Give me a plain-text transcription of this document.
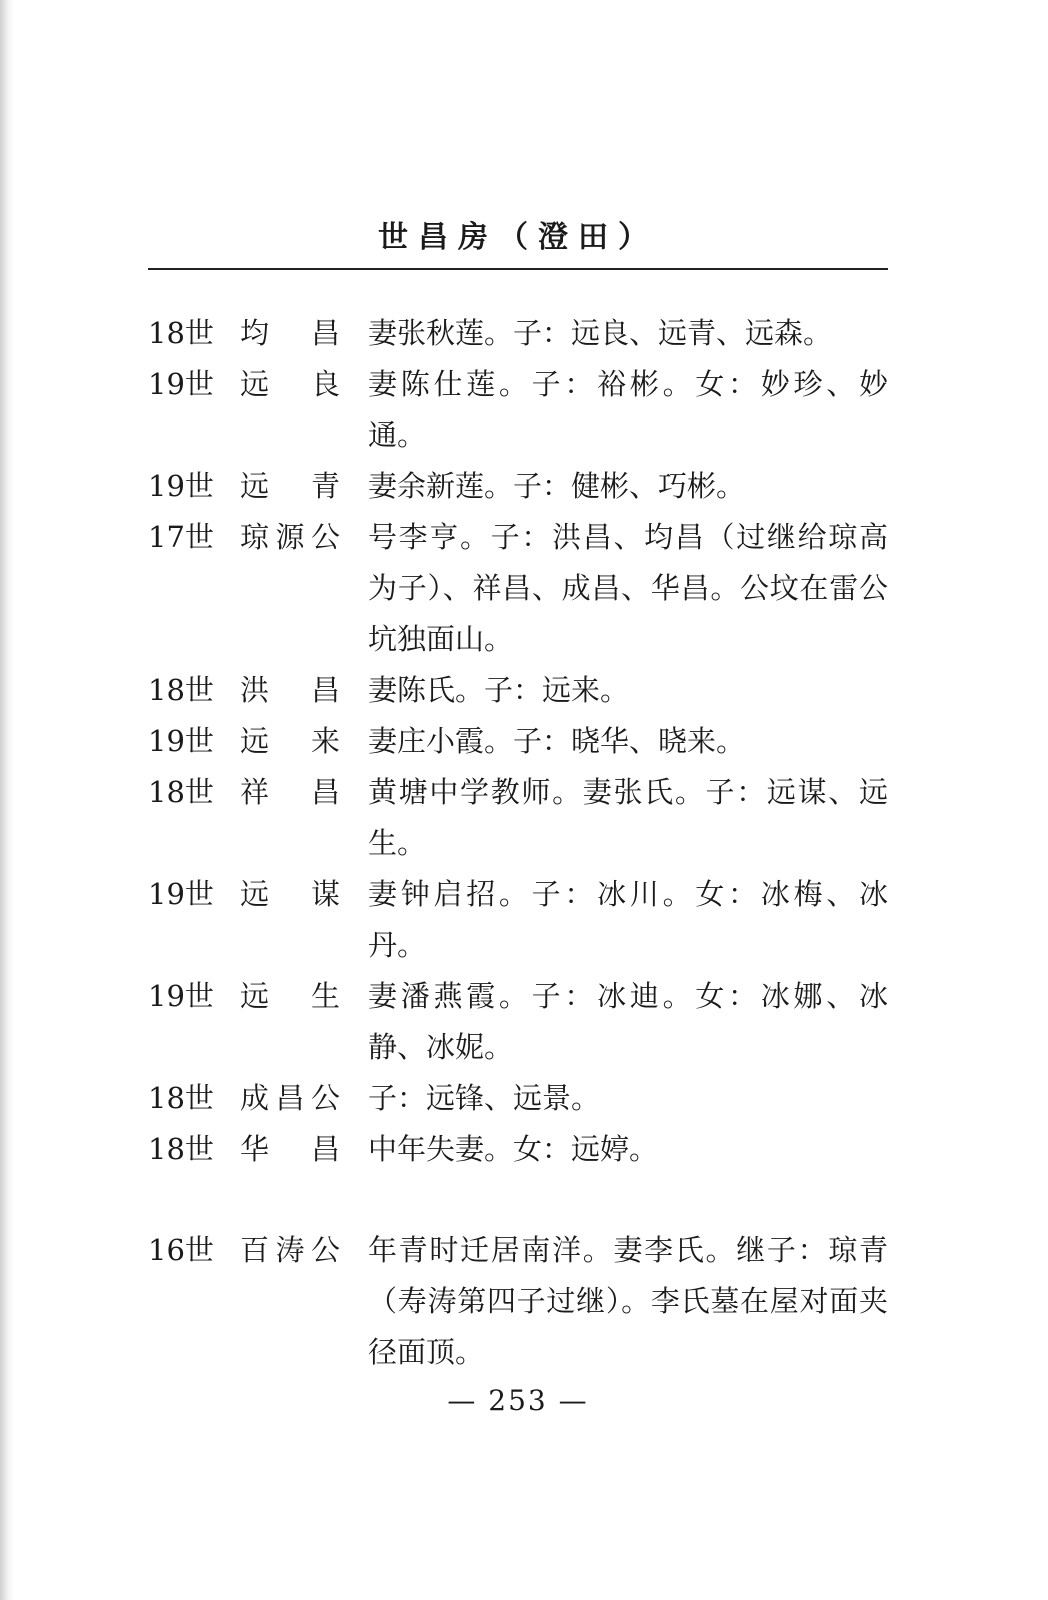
世昌房（澄田）
18世 均昌 妻张秋莲。子：远良、远青、远森。
19世 远良 妻陈仕莲。子：裕彬。女：妙珍、妙通。
19世 远青 妻余新莲。子：健彬、巧彬。
17世 琼源公 号李亨。子：洪昌、均昌（过继给琼高为子）、祥昌、成昌、华昌。公坟在雷公坑独面山。
18世 洪昌 妻陈氏。子：远来。
19世 远来 妻庄小霞。子：晓华、晓来。
18世 祥昌 黄塘中学教师。妻张氏。子：远谋、远生。
19世 远谋 妻钟启招。子：冰川。女：冰梅、冰丹。
19世 远生 妻潘燕霞。子：冰迪。女：冰娜、冰静、冰妮。
18世 成昌公 子：远锋、远景。
18世 华昌 中年失妻。女：远婷。
16世 百涛公 年青时迁居南洋。妻李氏。继子：琼青（寿涛第四子过继）。李氏墓在屋对面夹径面顶。
— 253 —
